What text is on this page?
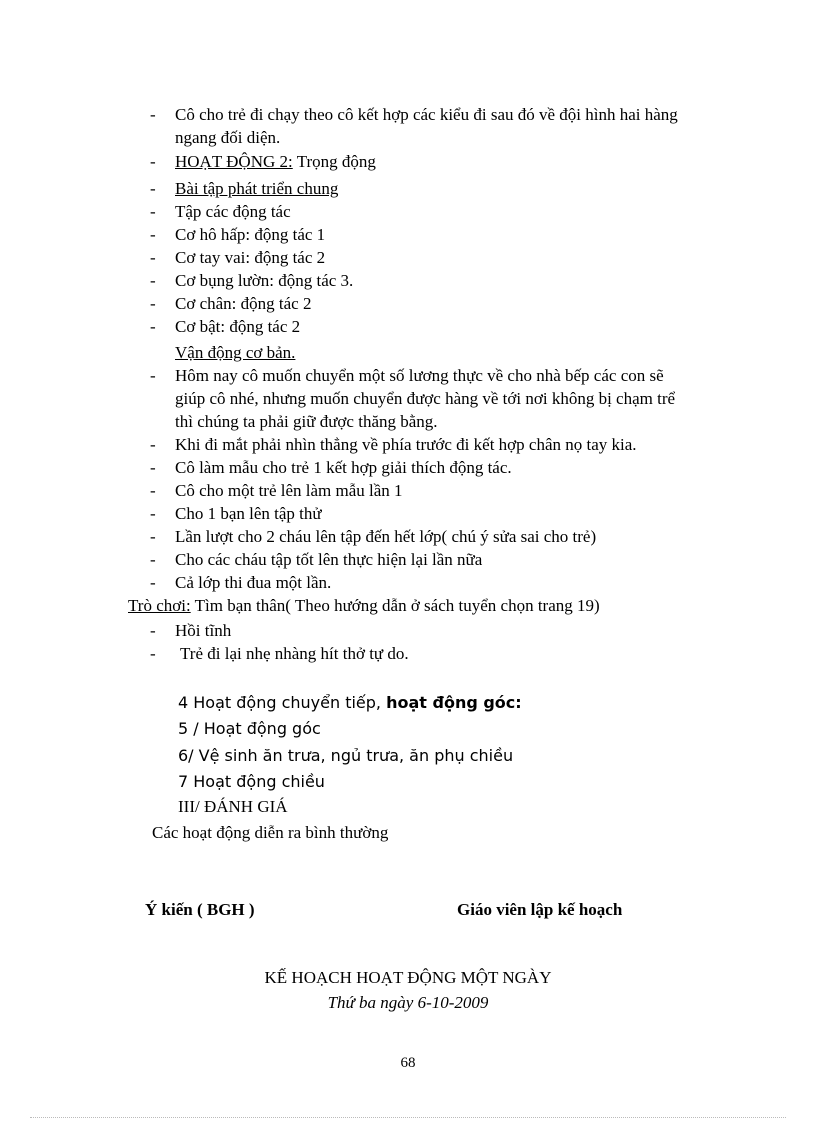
- Cô cho trẻ đi chạy theo cô kết hợp các kiểu đi sau đó về đội hình hai hàng
ngang đối diện.
- HOẠT ĐỘNG 2: Trọng động
- Bài tập phát triển chung
- Tập các động tác
- Cơ hô hấp: động tác 1
- Cơ tay vai: động tác 2
- Cơ bụng lườn: động tác 3.
- Cơ chân: động tác 2
- Cơ bật: động tác 2
Vận động cơ bản.
- Hôm nay cô muốn chuyển một số lương thực về cho nhà bếp các con sẽ
giúp cô nhé, nhưng muốn chuyển được hàng về tới nơi không bị chạm trể
thì chúng ta phải giữ được thăng bằng.
- Khi đi mắt phải nhìn thẳng về phía trước đi kết hợp chân nọ tay kia.
- Cô làm mẫu cho trẻ 1 kết hợp giải thích động tác.
- Cô cho một trẻ lên làm mẫu lần 1
- Cho 1 bạn lên tập thử
- Lần lượt cho 2 cháu lên tập đến hết lớp( chú ý sửa sai cho trẻ)
- Cho các cháu tập tốt lên thực hiện lại lần nữa
- Cả lớp thi đua một lần.
Trò chơi: Tìm bạn thân( Theo hướng dẫn ở sách tuyển chọn trang 19)
- Hồi tĩnh
- Trẻ đi lại nhẹ nhàng hít thở tự do.
4 Hoạt động chuyển tiếp, hoạt động góc:
5 / Hoạt động góc
6/ Vệ sinh ăn trưa, ngủ trưa, ăn phụ chiều
7 Hoạt động chiều
III/ ĐÁNH GIÁ
Các hoạt động diễn ra bình thường
Ý kiến ( BGH )	Giáo viên lập kế hoạch
KẾ HOẠCH HOẠT ĐỘNG MỘT NGÀY
Thứ ba ngày 6-10-2009
68
